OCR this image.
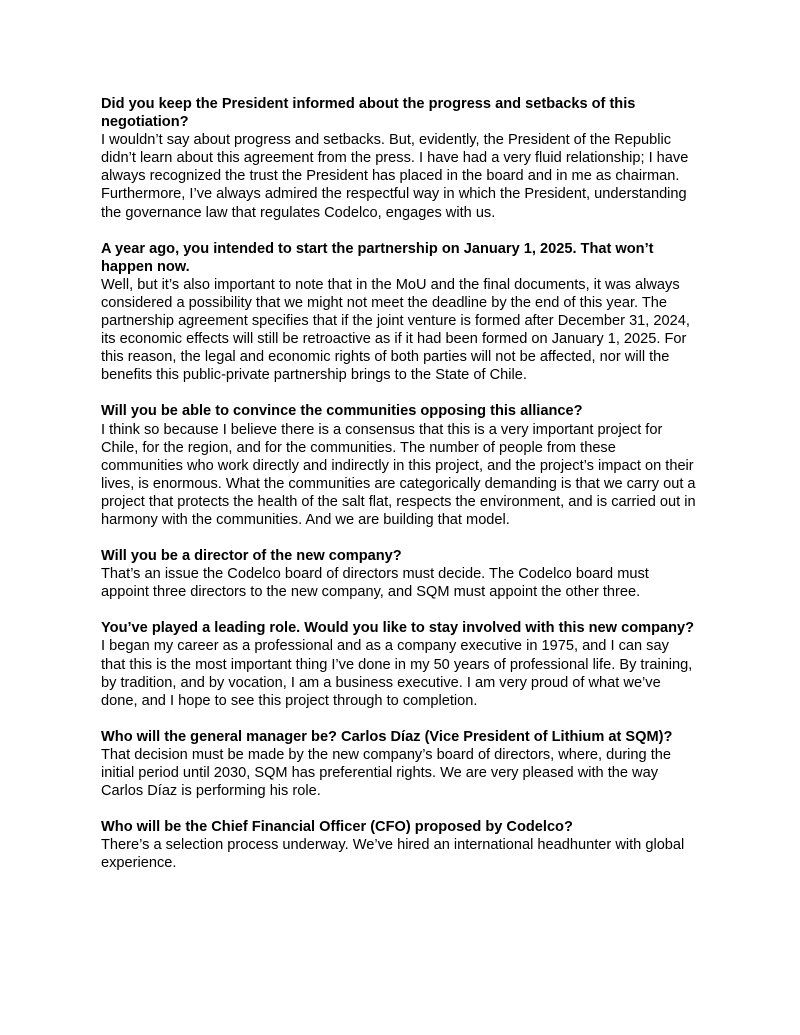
Did you keep the President informed about the progress and setbacks of this negotiation?

I wouldn’t say about progress and setbacks. But, evidently, the President of the Republic didn’t learn about this agreement from the press. I have had a very fluid relationship; I have always recognized the trust the President has placed in the board and in me as chairman. Furthermore, I’ve always admired the respectful way in which the President, understanding the governance law that regulates Codelco, engages with us.

A year ago, you intended to start the partnership on January 1, 2025. That won’t happen now.

Well, but it’s also important to note that in the MoU and the final documents, it was always considered a possibility that we might not meet the deadline by the end of this year. The partnership agreement specifies that if the joint venture is formed after December 31, 2024, its economic effects will still be retroactive as if it had been formed on January 1, 2025. For this reason, the legal and economic rights of both parties will not be affected, nor will the benefits this public-private partnership brings to the State of Chile.

Will you be able to convince the communities opposing this alliance?

I think so because I believe there is a consensus that this is a very important project for Chile, for the region, and for the communities. The number of people from these communities who work directly and indirectly in this project, and the project’s impact on their lives, is enormous. What the communities are categorically demanding is that we carry out a project that protects the health of the salt flat, respects the environment, and is carried out in harmony with the communities. And we are building that model.

Will you be a director of the new company?

That’s an issue the Codelco board of directors must decide. The Codelco board must appoint three directors to the new company, and SQM must appoint the other three.

You’ve played a leading role. Would you like to stay involved with this new company?

I began my career as a professional and as a company executive in 1975, and I can say that this is the most important thing I’ve done in my 50 years of professional life. By training, by tradition, and by vocation, I am a business executive. I am very proud of what we’ve done, and I hope to see this project through to completion.

Who will the general manager be? Carlos Díaz (Vice President of Lithium at SQM)?

That decision must be made by the new company’s board of directors, where, during the initial period until 2030, SQM has preferential rights. We are very pleased with the way Carlos Díaz is performing his role.

Who will be the Chief Financial Officer (CFO) proposed by Codelco?

There’s a selection process underway. We’ve hired an international headhunter with global experience.
